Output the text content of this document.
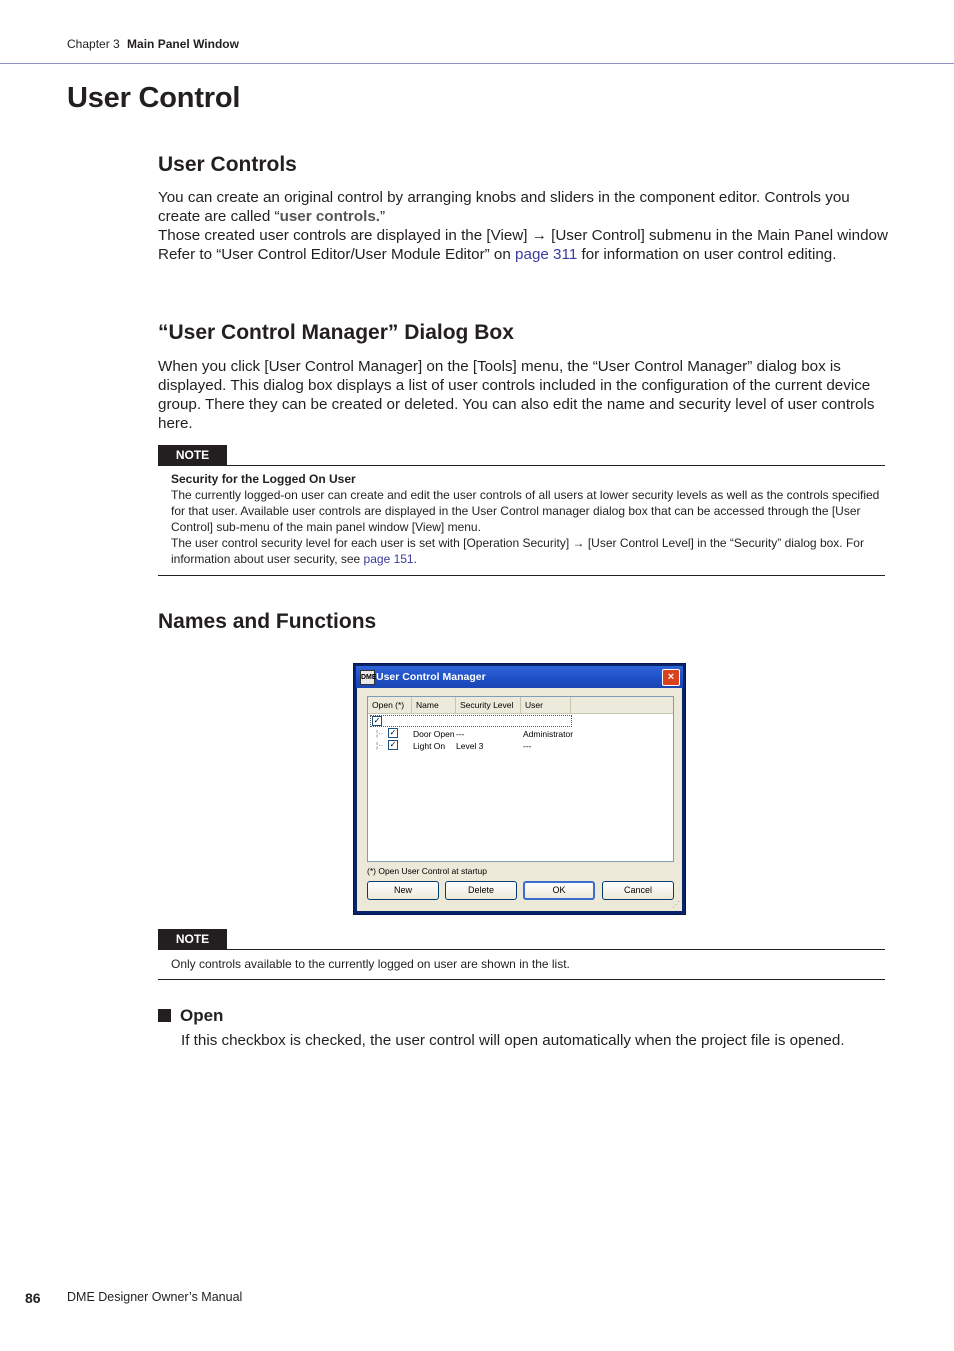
Chapter 3 Main Panel Window
User Control
User Controls

You can create an original control by arranging knobs and sliders in the component editor. Controls you create are called “user controls.”

Those created user controls are displayed in the [View] → [User Control] submenu in the Main Panel window

Refer to “User Control Editor/User Module Editor” on page 311 for information on user control editing.

“User Control Manager” Dialog Box

When you click [User Control Manager] on the [Tools] menu, the “User Control Manager” dialog box is displayed. This dialog box displays a list of user controls included in the configuration of the current device group. There they can be created or deleted. You can also edit the name and security level of user controls here.

NOTE

Security for the Logged On User

The currently logged-on user can create and edit the user controls of all users at lower security levels as well as the controls specified for that user. Available user controls are displayed in the User Control manager dialog box that can be accessed through the [User Control] sub-menu of the main panel window [View] menu.

The user control security level for each user is set with [Operation Security] → [User Control Level] in the “Security” dialog box. For information about user security, see page 151.

Names and Functions
DME User Control Manager	×
Open (*)	Name	Security Level	User
✓
¦·· ✓ Door Open ---	Administrator
¦·· ✓ Light On Level 3	---
(*) Open User Control at startup
New	Delete	OK	Cancel
⋰
NOTE
Only controls available to the currently logged on user are shown in the list.
Open
If this checkbox is checked, the user control will open automatically when the project file is opened.
86 DME Designer Owner’s Manual
